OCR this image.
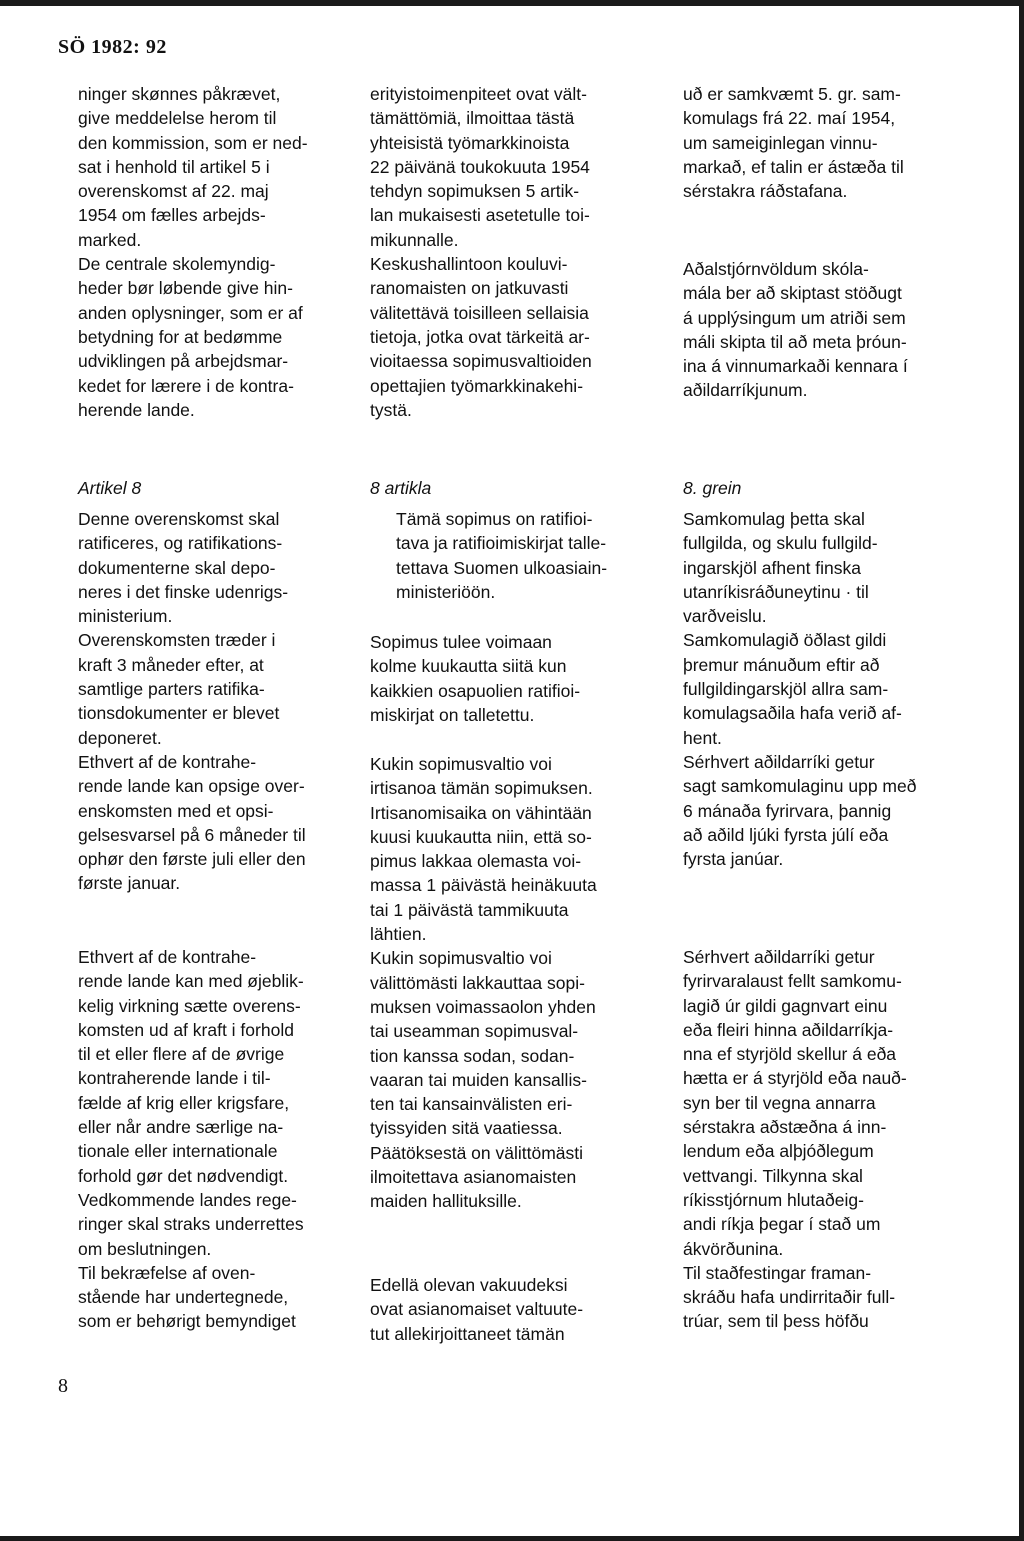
SÖ 1982: 92

ninger skønnes påkrævet,
give meddelelse herom til
den kommission, som er ned-
sat i henhold til artikel 5 i
overenskomst af 22. maj
1954 om fælles arbejds-
marked.
De centrale skolemyndig-
heder bør løbende give hin-
anden oplysninger, som er af
betydning for at bedømme
udviklingen på arbejdsmar-
kedet for lærere i de kontra-
herende lande.

Artikel 8

Denne overenskomst skal
ratificeres, og ratifikations-
dokumenterne skal depo-
neres i det finske udenrigs-
ministerium.
Overenskomsten træder i
kraft 3 måneder efter, at
samtlige parters ratifika-
tionsdokumenter er blevet
deponeret.
Ethvert af de kontrahe-
rende lande kan opsige over-
enskomsten med et opsi-
gelsesvarsel på 6 måneder til
ophør den første juli eller den
første januar.

Ethvert af de kontrahe-
rende lande kan med øjeblik-
kelig virkning sætte overens-
komsten ud af kraft i forhold
til et eller flere af de øvrige
kontraherende lande i til-
fælde af krig eller krigsfare,
eller når andre særlige na-
tionale eller internationale
forhold gør det nødvendigt.
Vedkommende landes rege-
ringer skal straks underrettes
om beslutningen.
Til bekræfelse af oven-
stående har undertegnede,
som er behørigt bemyndiget

erityistoimenpiteet ovat vält-
tämättömiä, ilmoittaa tästä
yhteisistä työmarkkinoista
22 päivänä toukokuuta 1954
tehdyn sopimuksen 5 artik-
lan mukaisesti asetetulle toi-
mikunnalle.
Keskushallintoon kouluvi-
ranomaisten on jatkuvasti
välitettävä toisilleen sellaisia
tietoja, jotka ovat tärkeitä ar-
vioitaessa sopimusvaltioiden
opettajien työmarkkinakehi-
tystä.

8 artikla

Tämä sopimus on ratifioi-
tava ja ratifioimiskirjat talle-
tettava Suomen ulkoasiain-
ministeriöön.

Sopimus tulee voimaan
kolme kuukautta siitä kun
kaikkien osapuolien ratifioi-
miskirjat on talletettu.

Kukin sopimusvaltio voi
irtisanoa tämän sopimuksen.
Irtisanomisaika on vähintään
kuusi kuukautta niin, että so-
pimus lakkaa olemasta voi-
massa 1 päivästä heinäkuuta
tai 1 päivästä tammikuuta
lähtien.
Kukin sopimusvaltio voi
välittömästi lakkauttaa sopi-
muksen voimassaolon yhden
tai useamman sopimusval-
tion kanssa sodan, sodan-
vaaran tai muiden kansallis-
ten tai kansainvälisten eri-
tyissyiden sitä vaatiessa.
Päätöksestä on välittömästi
ilmoitettava asianomaisten
maiden hallituksille.

Edellä olevan vakuudeksi
ovat asianomaiset valtuute-
tut allekirjoittaneet tämän

uð er samkvæmt 5. gr. sam-
komulags frá 22. maí 1954,
um sameiginlegan vinnu-
markað, ef talin er ástæða til
sérstakra ráðstafana.

Aðalstjórnvöldum skóla-
mála ber að skiptast stöðugt
á upplýsingum um atriði sem
máli skipta til að meta þróun-
ina á vinnumarkaði kennara í
aðildarríkjunum.

8. grein

Samkomulag þetta skal
fullgilda, og skulu fullgild-
ingarskjöl afhent finska
utanríkisráðuneytinu · til
varðveislu.
Samkomulagið öðlast gildi
þremur mánuðum eftir að
fullgildingarskjöl allra sam-
komulagsaðila hafa verið af-
hent.
Sérhvert aðildarríki getur
sagt samkomulaginu upp með
6 mánaða fyrirvara, þannig
að aðild ljúki fyrsta júlí eða
fyrsta janúar.

Sérhvert aðildarríki getur
fyrirvaralaust fellt samkomu-
lagið úr gildi gagnvart einu
eða fleiri hinna aðildarríkja-
nna ef styrjöld skellur á eða
hætta er á styrjöld eða nauð-
syn ber til vegna annarra
sérstakra aðstæðna á inn-
lendum eða alþjóðlegum
vettvangi. Tilkynna skal
ríkisstjórnum hlutaðeig-
andi ríkja þegar í stað um
ákvörðunina.
Til staðfestingar framan-
skráðu hafa undirritaðir full-
trúar, sem til þess höfðu

8
